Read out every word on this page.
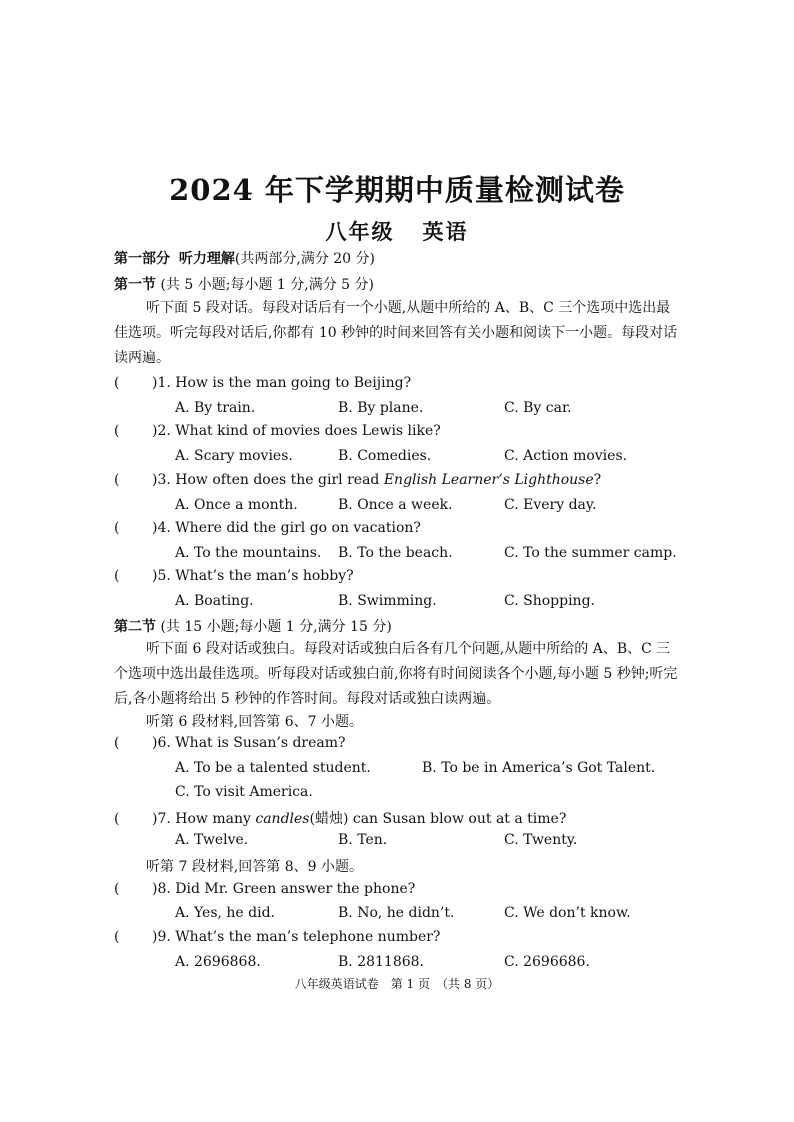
2024 年下学期期中质量检测试卷
八年级 英语
第一部分 听力理解(共两部分,满分 20 分)
第一节 (共 5 小题;每小题 1 分,满分 5 分)
听下面 5 段对话。每段对话后有一个小题,从题中所给的 A、B、C 三个选项中选出最佳选项。听完每段对话后,你都有 10 秒钟的时间来回答有关小题和阅读下一小题。每段对话读两遍。
( )1. How is the man going to Beijing?
A. By train.	B. By plane.	C. By car.
( )2. What kind of movies does Lewis like?
A. Scary movies.	B. Comedies.	C. Action movies.
( )3. How often does the girl read English Learner’s Lighthouse?
A. Once a month.	B. Once a week.	C. Every day.
( )4. Where did the girl go on vacation?
A. To the mountains. B. To the beach.	C. To the summer camp.
( )5. What’s the man’s hobby?
A. Boating.	B. Swimming.	C. Shopping.
第二节 (共 15 小题;每小题 1 分,满分 15 分)
听下面 6 段对话或独白。每段对话或独白后各有几个问题,从题中所给的 A、B、C 三个选项中选出最佳选项。听每段对话或独白前,你将有时间阅读各个小题,每小题 5 秒钟;听完后,各小题将给出 5 秒钟的作答时间。每段对话或独白读两遍。
听第 6 段材料,回答第 6、7 小题。
( )6. What is Susan’s dream?
A. To be a talented student.	B. To be in America’s Got Talent.
C. To visit America.
( )7. How many candles(蜡烛) can Susan blow out at a time?
A. Twelve.	B. Ten.	C. Twenty.
听第 7 段材料,回答第 8、9 小题。
( )8. Did Mr. Green answer the phone?
A. Yes, he did.	B. No, he didn’t.	C. We don’t know.
( )9. What’s the man’s telephone number?
A. 2696868.	B. 2811868.	C. 2696686.
八年级英语试卷　第 1 页　（共 8 页）
